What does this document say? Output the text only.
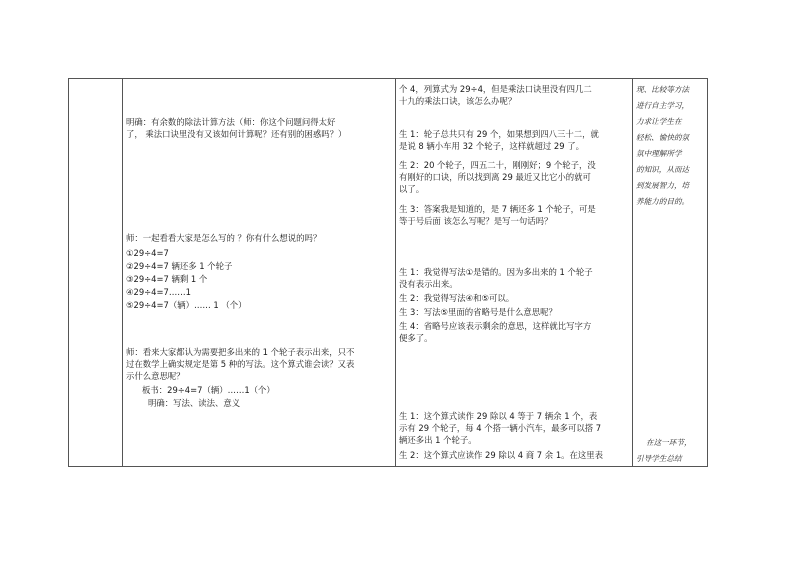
明确：有余数的除法计算方法（师：你这个问题问得太好
了， 乘法口诀里没有又该如何计算呢？还有别的困惑吗？）
师：一起看看大家是怎么写的 ？你有什么想说的吗？
①29÷4=7
②29÷4=7 辆还多 1 个轮子
③29÷4=7 辆剩 1 个
④29÷4=7……1
⑤29÷4=7（辆）…… 1 （个）
师：看来大家都认为需要把多出来的 1 个轮子表示出来，只不
过在数学上确实规定是第 5 种的写法。这个算式谁会读？又表
示什么意思呢？
板书：29÷4=7（辆）……1（个）
明确：写法、读法、意义
个 4，列算式为 29÷4，但是乘法口诀里没有四几二
十九的乘法口诀，该怎么办呢？
生 1：轮子总共只有 29 个，如果想到四八三十二，就
是说 8 辆小车用 32 个轮子，这样就超过 29 了。
生 2：20 个轮子，四五二十，刚刚好；9 个轮子，没
有刚好的口诀，所以找到离 29 最近又比它小的就可
以了。
生 3：答案我是知道的，是 7 辆还多 1 个轮子，可是
等于号后面 该怎么写呢？是写一句话吗？
生 1：我觉得写法①是错的。因为多出来的 1 个轮子
没有表示出来。
生 2：我觉得写法④和⑤可以。
生 3：写法⑤里面的省略号是什么意思呢？
生 4：省略号应该表示剩余的意思，这样就比写字方
便多了。
生 1：这个算式读作 29 除以 4 等于 7 辆余 1 个，表
示有 29 个轮子，每 4 个搭一辆小汽车，最多可以搭 7
辆还多出 1 个轮子。
生 2：这个算式应读作 29 除以 4 商 7 余 1。在这里表
现、比较等方法
进行自主学习，
力求让学生在
轻松、愉快的氛
氛中理解所学
的知识，从而达
到发展智力，培
养能力的目的。
在这一环节，
引导学生总结
